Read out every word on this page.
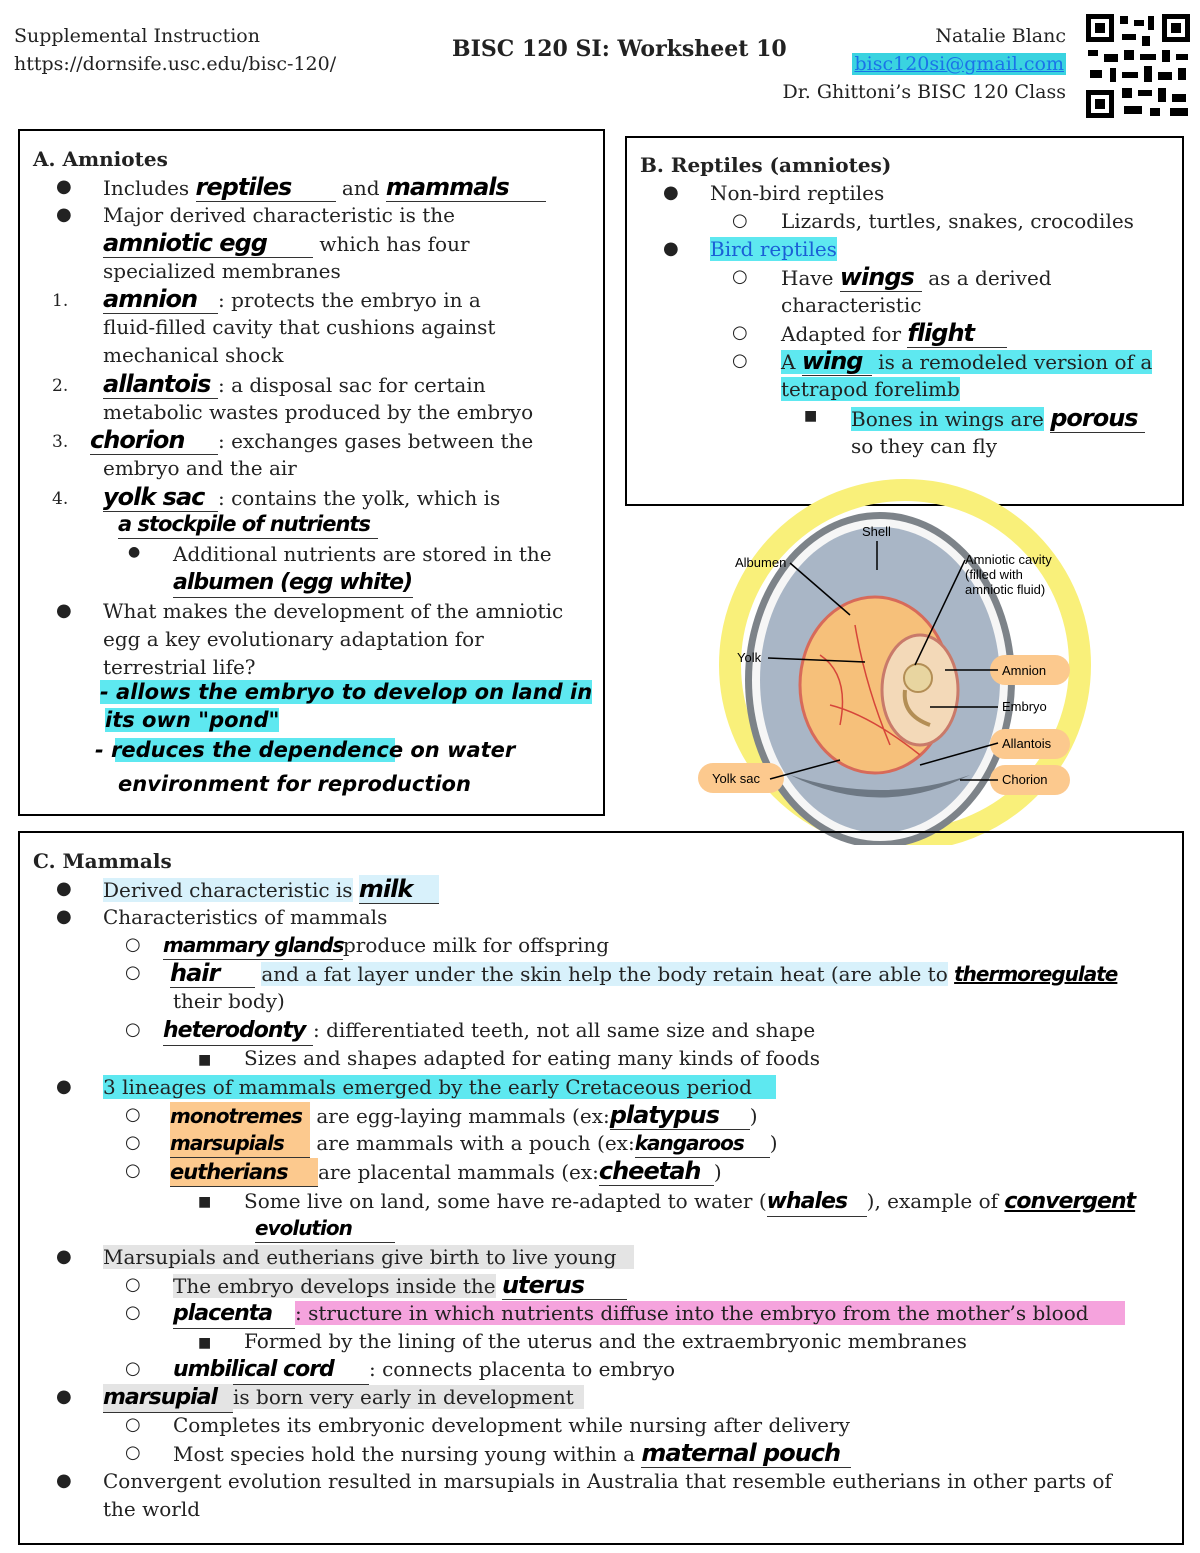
Supplemental Instruction
https://dornsife.usc.edu/bisc-120/
BISC 120 SI: Worksheet 10	Natalie Blanc
bisc120si@gmail.com
Dr. Ghittoni’s BISC 120 Class
A. Amniotes
● Includes reptiles	and mammals
● Major derived characteristic is the
amniotic egg	which has four
specialized membranes
1. amnion : protects the embryo in a
fluid-filled cavity that cushions against
mechanical shock
2. allantois : a disposal sac for certain
metabolic wastes produced by the embryo
3. chorion : exchanges gases between the
embryo and the air
4. yolk sac : contains the yolk, which is
a stockpile of nutrients
● Additional nutrients are stored in the
albumen (egg white)
● What makes the development of the amniotic
egg a key evolutionary adaptation for
terrestrial life?
- allows the embryo to develop on land in
its own "pond"
- reduces the dependence on water
environment for reproduction
B. Reptiles (amniotes)
● Non-bird reptiles
○ Lizards, turtles, snakes, crocodiles
● Bird reptiles
○ Have wings as a derived
characteristic
○ Adapted for flight
○ A wing is a remodeled version of a
tetrapod forelimb
■ Bones in wings are porous
so they can fly
Shell
Albumen	Amniotic cavity
(filled with
amniotic fluid)
Yolk
Amnion
Embryo
Allantois
Yolk sac	Chorion
C. Mammals
● Derived characteristic is milk
● Characteristics of mammals
○ mammary glandsproduce milk for offspring
○ hair and a fat layer under the skin help the body retain heat (are able to thermoregulate
their body)
○ heterodonty : differentiated teeth, not all same size and shape
■ Sizes and shapes adapted for eating many kinds of foods
● 3 lineages of mammals emerged by the early Cretaceous period
○ monotremes are egg-laying mammals (ex:platypus )
○ marsupials are mammals with a pouch (ex:kangaroos )
○ eutherians are placental mammals (ex:cheetah )
■ Some live on land, some have re-adapted to water (whales ), example of convergent
evolution
● Marsupials and eutherians give birth to live young
○ The embryo develops inside the uterus
○ placenta : structure in which nutrients diffuse into the embryo from the mother’s blood
■ Formed by the lining of the uterus and the extraembryonic membranes
○ umbilical cord : connects placenta to embryo
● marsupial is born very early in development
○ Completes its embryonic development while nursing after delivery
○ Most species hold the nursing young within a maternal pouch
● Convergent evolution resulted in marsupials in Australia that resemble eutherians in other parts of
the world
